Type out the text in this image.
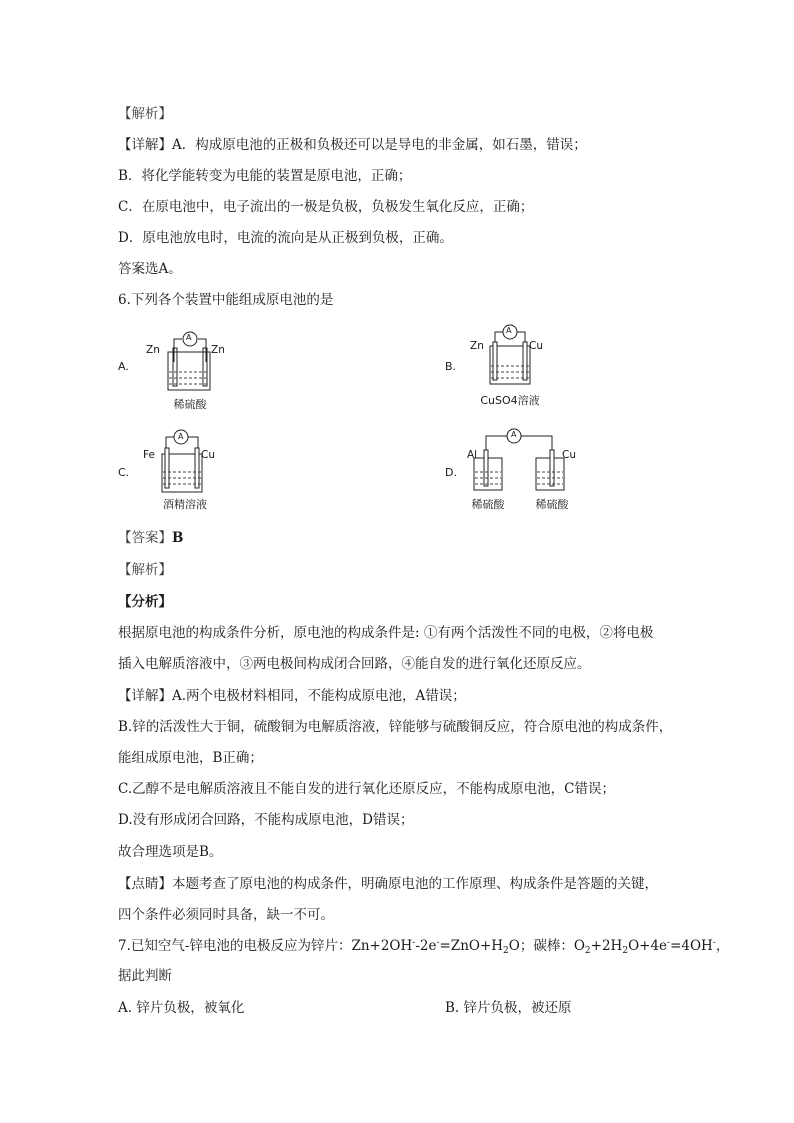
【解析】
【详解】A．构成原电池的正极和负极还可以是导电的非金属，如石墨，错误；
B．将化学能转变为电能的装置是原电池，正确；
C．在原电池中，电子流出的一极是负极，负极发生氧化反应，正确；
D．原电池放电时，电流的流向是从正极到负极，正确。
答案选A。
6.下列各个装置中能组成原电池的是
A.
Zn	Zn
A
稀硫酸
B.
Zn	Cu
A
CuSO4溶液
C.
Fe	Cu
A
酒精溶液
D.
Al	Cu
A
稀硫酸	稀硫酸
【答案】B
【解析】
【分析】
根据原电池的构成条件分析，原电池的构成条件是: ①有两个活泼性不同的电极，②将电极
插入电解质溶液中，③两电极间构成闭合回路，④能自发的进行氧化还原反应。
【详解】A.两个电极材料相同，不能构成原电池，A错误；
B.锌的活泼性大于铜，硫酸铜为电解质溶液，锌能够与硫酸铜反应，符合原电池的构成条件，
能组成原电池，B正确；
C.乙醇不是电解质溶液且不能自发的进行氧化还原反应，不能构成原电池，C错误；
D.没有形成闭合回路，不能构成原电池，D错误；
故合理选项是B。
【点睛】本题考查了原电池的构成条件，明确原电池的工作原理、构成条件是答题的关键，
四个条件必须同时具备，缺一不可。
7.已知空气-锌电池的电极反应为锌片：$Zn+2OH^--2e^-=ZnO+H_2O$；碳棒：$O_2+2H_2O+4e^-=4OH^-$，
据此判断
A. 锌片负极，被氧化	B. 锌片负极，被还原
